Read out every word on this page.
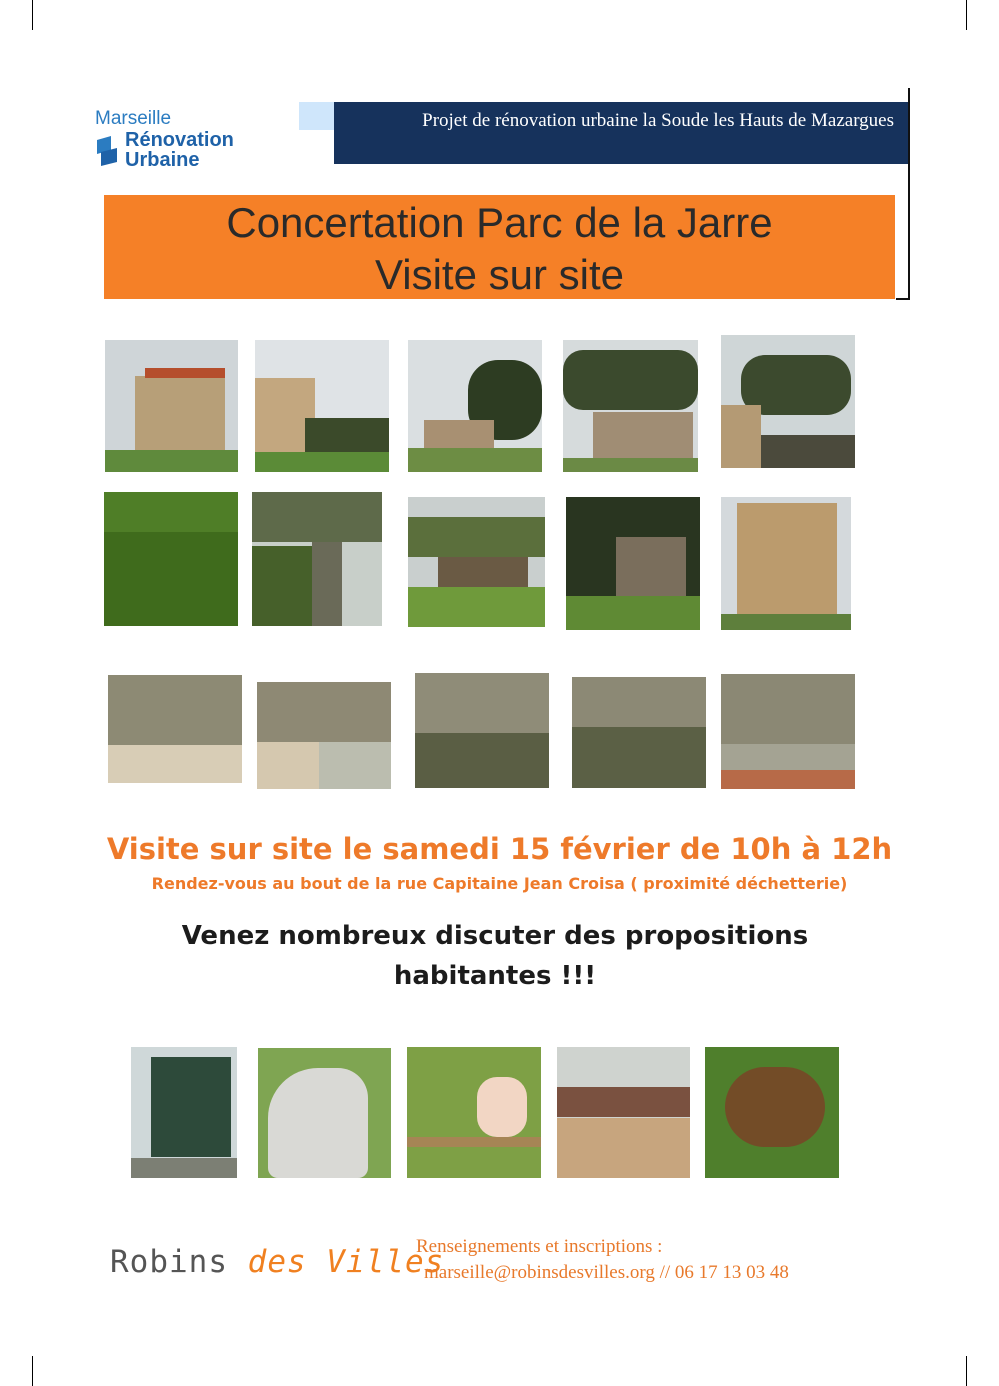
Marseille
Rénovation
Urbaine
Projet de rénovation urbaine la Soude les Hauts de Mazargues
Concertation Parc de la Jarre
Visite sur site
Visite sur site le samedi 15 février de 10h à 12h
Rendez-vous au bout de la rue Capitaine Jean Croisa ( proximité déchetterie)
Venez nombreux discuter des propositions
habitantes !!!
Robins des Villes
Renseignements et inscriptions :
marseille@robinsdesvilles.org // 06 17 13 03 48
